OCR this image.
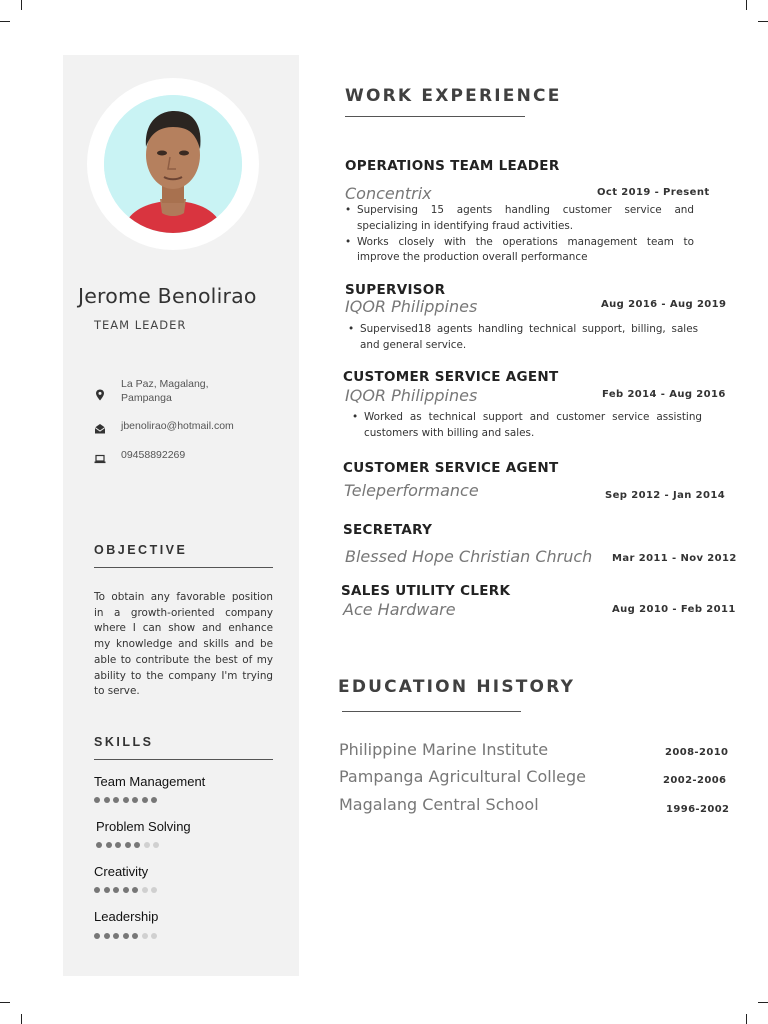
Jerome Benolirao
TEAM LEADER
La Paz, Magalang,
Pampanga
jbenolirao@hotmail.com
09458892269
OBJECTIVE
To obtain any favorable position in a growth-oriented company where I can show and enhance my knowledge and skills and be able to contribute the best of my ability to the company I'm trying to serve.
SKILLS
Team Management
Problem Solving
Creativity
Leadership
WORK EXPERIENCE
OPERATIONS TEAM LEADER
Concentrix	Oct 2019 - Present
• Supervising 15 agents handling customer service and specializing in identifying fraud activities.
• Works closely with the operations management team to improve the production overall performance
SUPERVISOR
IQOR Philippines	Aug 2016 - Aug 2019
• Supervised18 agents handling technical support, billing, sales and general service.
CUSTOMER SERVICE AGENT
IQOR Philippines	Feb 2014 - Aug 2016
• Worked as technical support and customer service assisting customers with billing and sales.
CUSTOMER SERVICE AGENT
Teleperformance	Sep 2012 - Jan 2014
SECRETARY
Blessed Hope Christian Chruch Mar 2011 - Nov 2012
SALES UTILITY CLERK
Ace Hardware	Aug 2010 - Feb 2011
EDUCATION HISTORY
Philippine Marine Institute	2008-2010
Pampanga Agricultural College	2002-2006
Magalang Central School	1996-2002
